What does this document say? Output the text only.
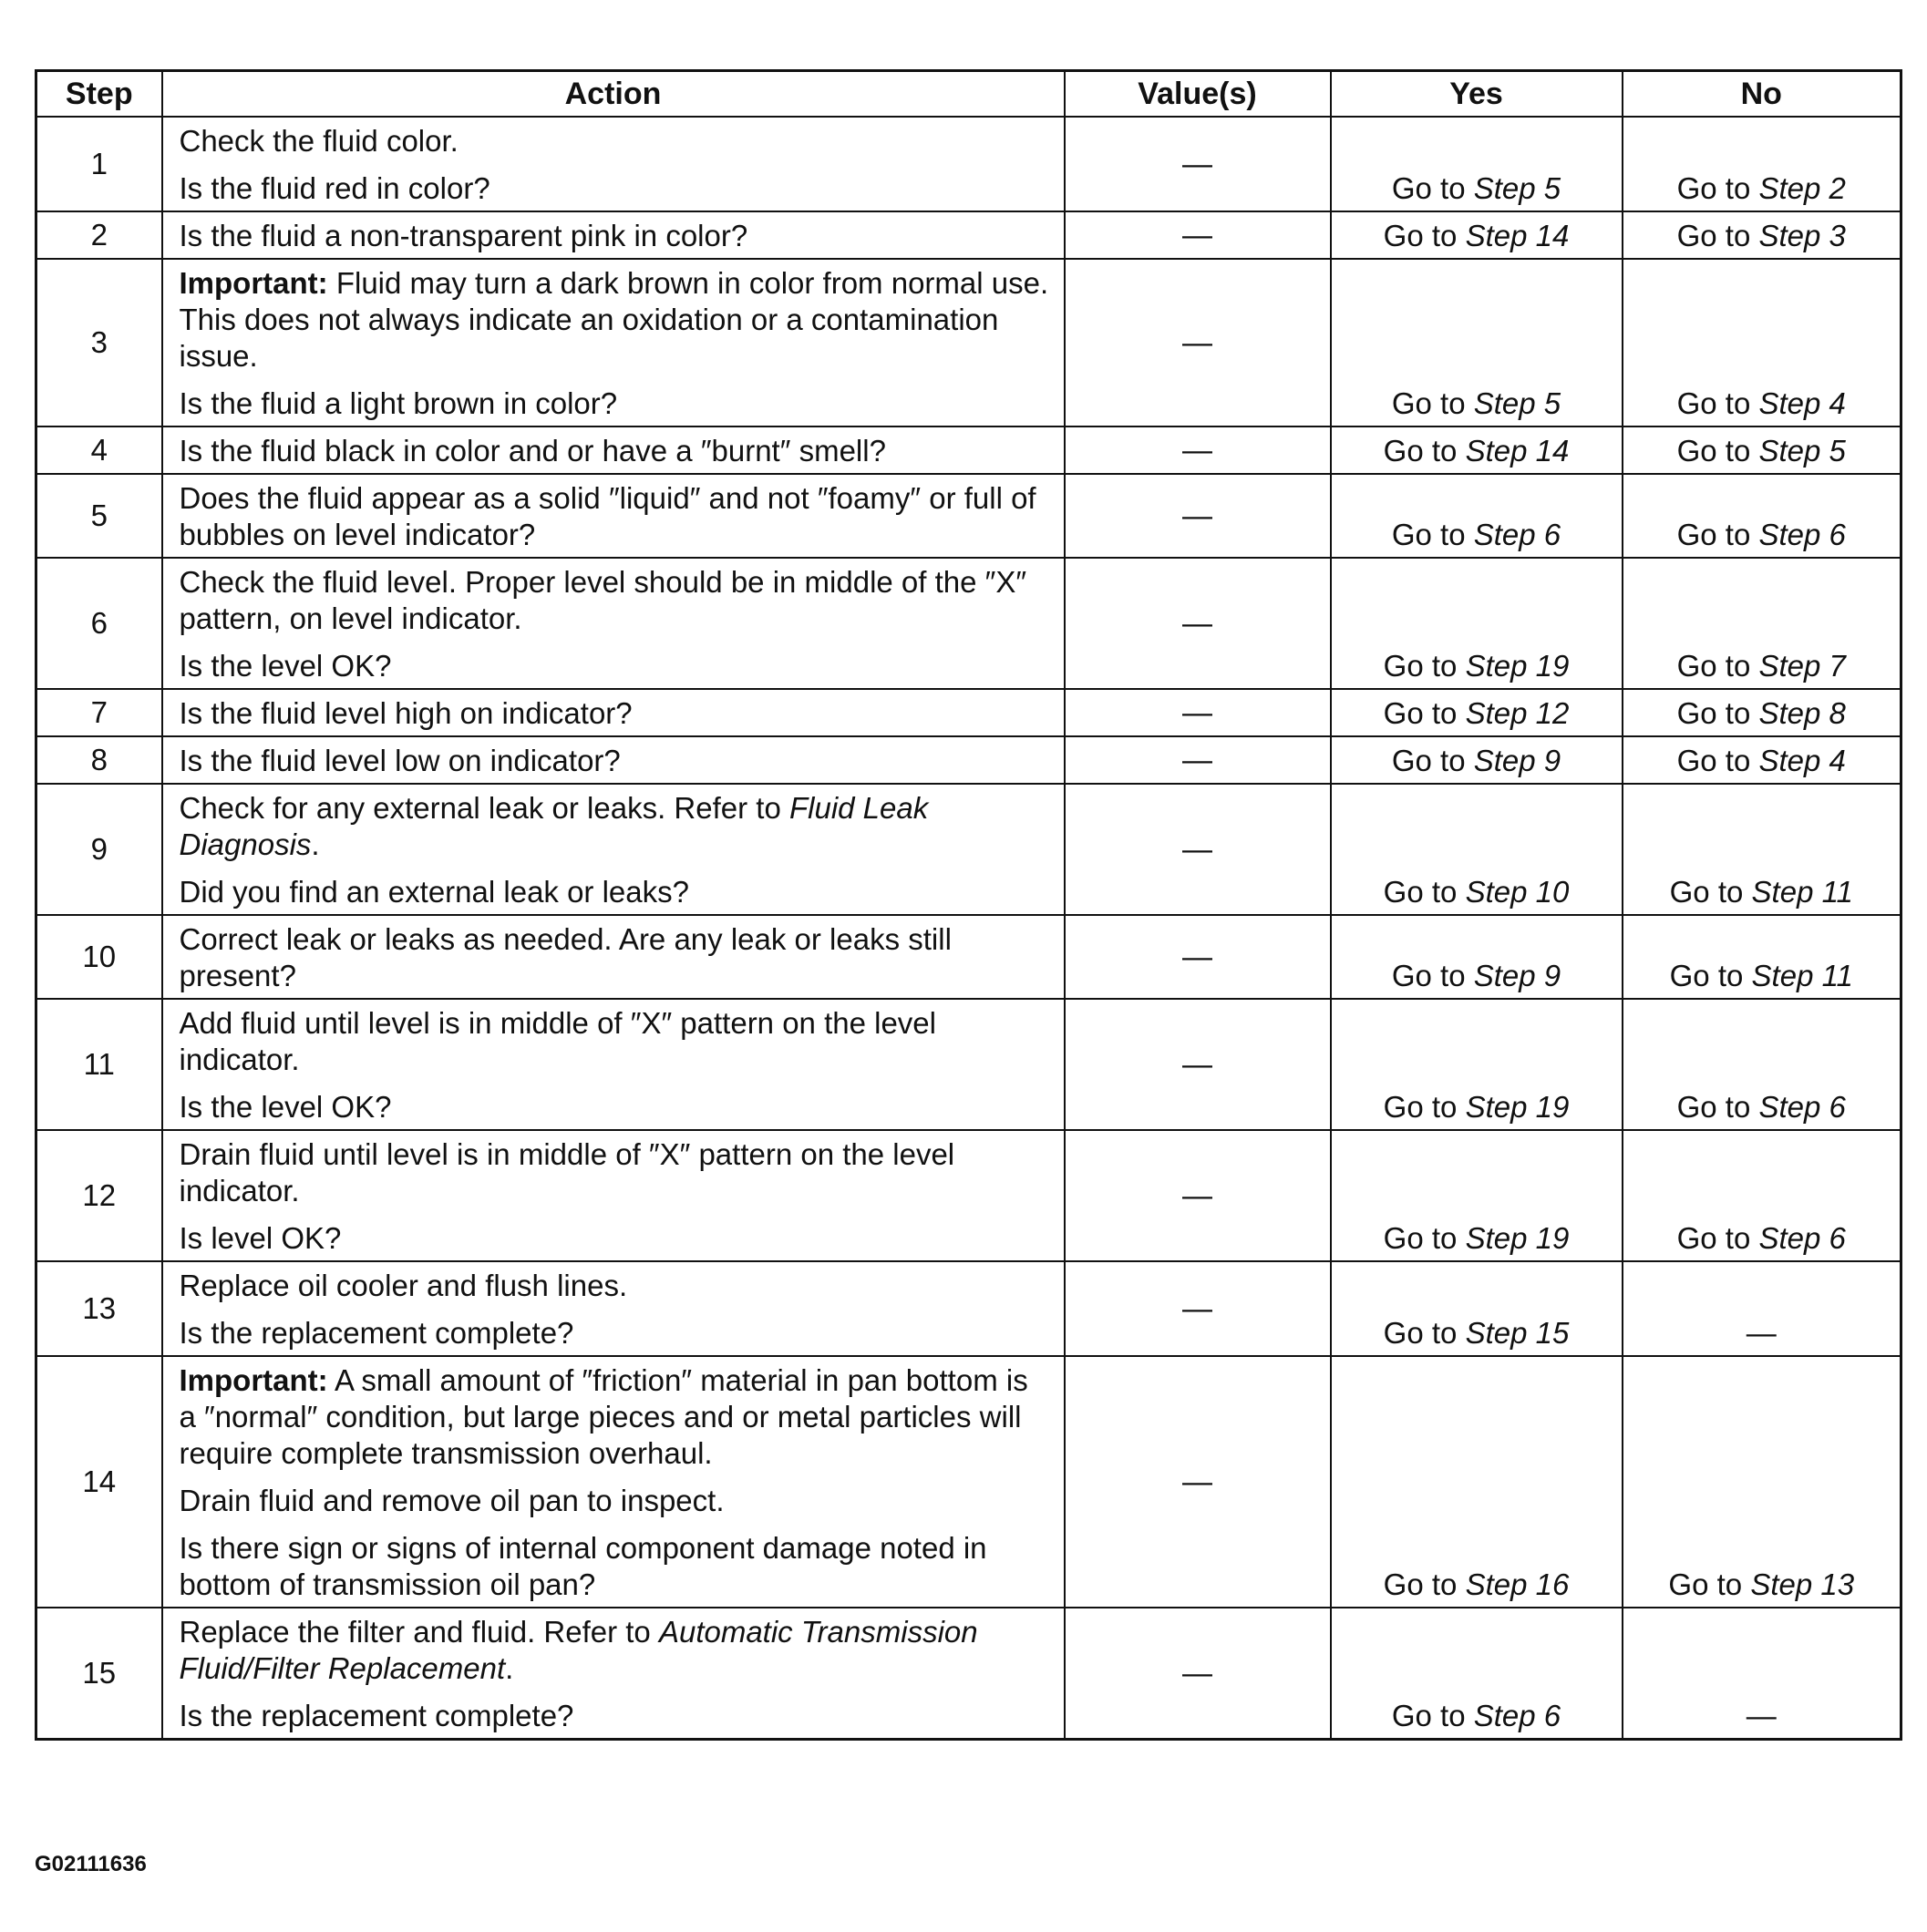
Step	Action	Value(s)	Yes	No
1	Check the fluid color.
Is the fluid red in color?	—	Go to Step 5	Go to Step 2
2	Is the fluid a non-transparent pink in color?	—	Go to Step 14	Go to Step 3
3	Important: Fluid may turn a dark brown in color from normal use. This does not always indicate an oxidation or a contamination issue.
Is the fluid a light brown in color?	—	Go to Step 5	Go to Step 4
4	Is the fluid black in color and or have a ″burnt″ smell?	—	Go to Step 14	Go to Step 5
5	Does the fluid appear as a solid ″liquid″ and not ″foamy″ or full of bubbles on level indicator?	—	Go to Step 6	Go to Step 6
6	Check the fluid level. Proper level should be in middle of the ″X″ pattern, on level indicator.
Is the level OK?	—	Go to Step 19	Go to Step 7
7	Is the fluid level high on indicator?	—	Go to Step 12	Go to Step 8
8	Is the fluid level low on indicator?	—	Go to Step 9	Go to Step 4
9	Check for any external leak or leaks. Refer to Fluid Leak Diagnosis.
Did you find an external leak or leaks?	—	Go to Step 10	Go to Step 11
10	Correct leak or leaks as needed. Are any leak or leaks still present?	—	Go to Step 9	Go to Step 11
11	Add fluid until level is in middle of ″X″ pattern on the level indicator.
Is the level OK?	—	Go to Step 19	Go to Step 6
12	Drain fluid until level is in middle of ″X″ pattern on the level indicator.
Is level OK?	—	Go to Step 19	Go to Step 6
13	Replace oil cooler and flush lines.
Is the replacement complete?	—	Go to Step 15	—
14	Important: A small amount of ″friction″ material in pan bottom is a ″normal″ condition, but large pieces and or metal particles will require complete transmission overhaul.
Drain fluid and remove oil pan to inspect.
Is there sign or signs of internal component damage noted in bottom of transmission oil pan?	—	Go to Step 16	Go to Step 13
15	Replace the filter and fluid. Refer to Automatic Transmission Fluid/Filter Replacement.
Is the replacement complete?	—	Go to Step 6	—
G02111636
